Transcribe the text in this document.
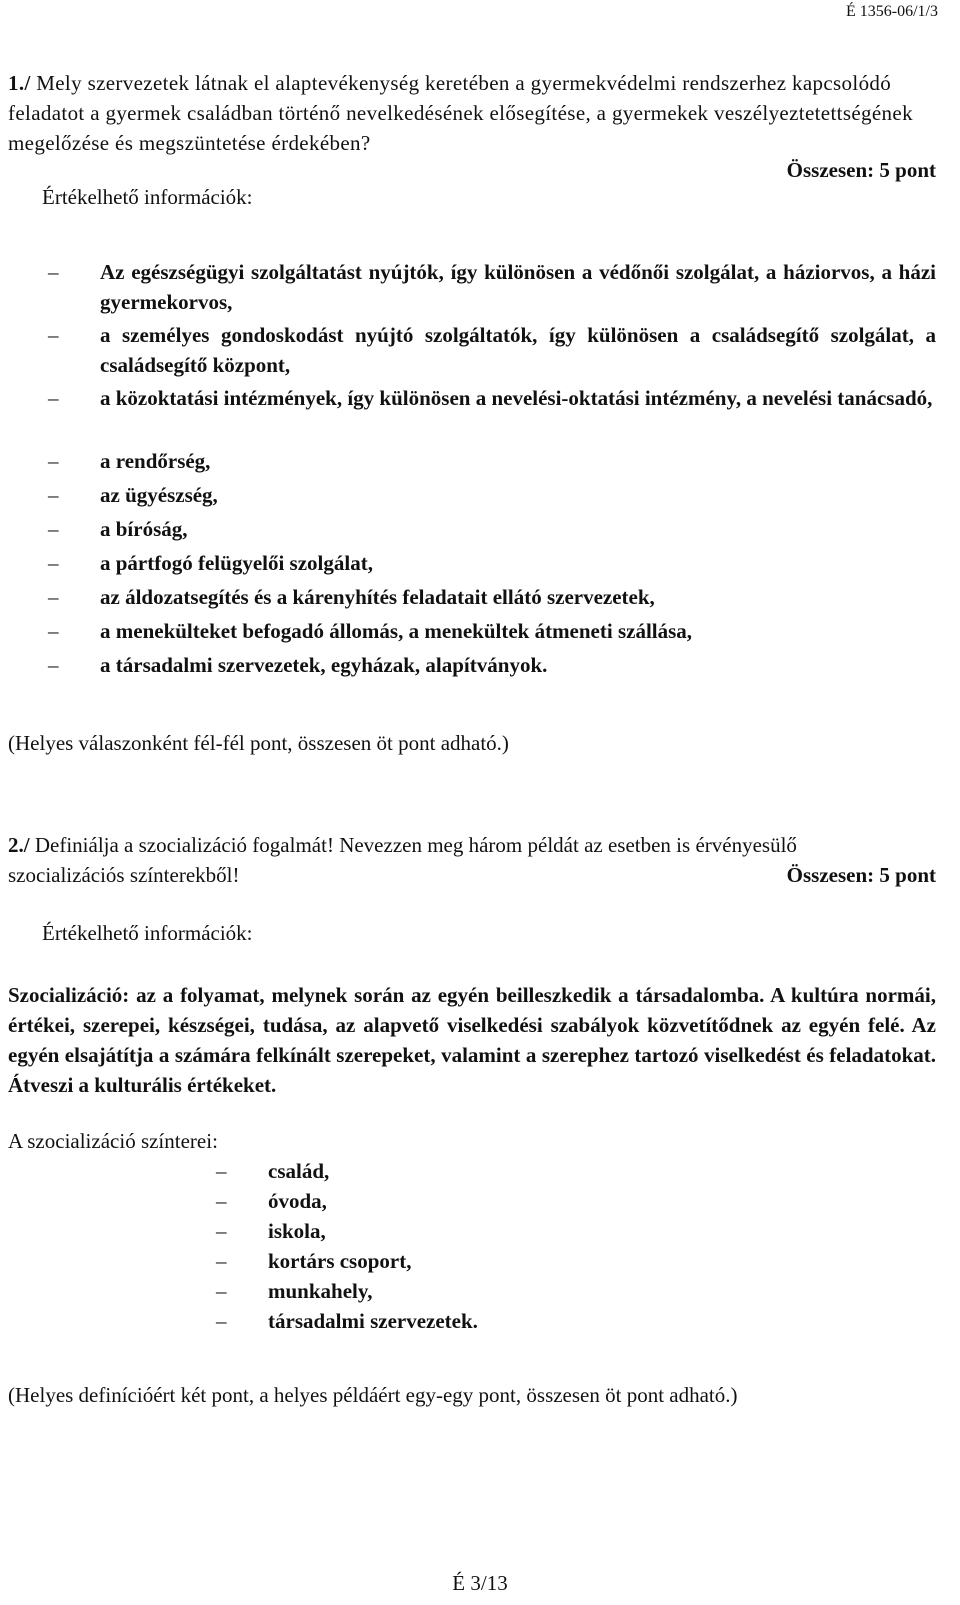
É 1356-06/1/3
1./ Mely szervezetek látnak el alaptevékenység keretében a gyermekvédelmi rendszerhez kapcsolódó feladatot a gyermek családban történő nevelkedésének elősegítése, a gyermekek veszélyeztetettségének megelőzése és megszüntetése érdekében?
Összesen: 5 pont
Értékelhető információk:
– Az egészségügyi szolgáltatást nyújtók, így különösen a védőnői szolgálat, a háziorvos, a házi gyermekorvos,
– a személyes gondoskodást nyújtó szolgáltatók, így különösen a családsegítő szolgálat, a családsegítő központ,
– a közoktatási intézmények, így különösen a nevelési-oktatási intézmény, a nevelési tanácsadó,
– a rendőrség,
– az ügyészség,
– a bíróság,
– a pártfogó felügyelői szolgálat,
– az áldozatsegítés és a kárenyhítés feladatait ellátó szervezetek,
– a menekülteket befogadó állomás, a menekültek átmeneti szállása,
– a társadalmi szervezetek, egyházak, alapítványok.
(Helyes válaszonként fél-fél pont, összesen öt pont adható.)
2./ Definiálja a szocializáció fogalmát! Nevezzen meg három példát az esetben is érvényesülő
szocializációs színterekből!	Összesen: 5 pont
Értékelhető információk:
Szocializáció: az a folyamat, melynek során az egyén beilleszkedik a társadalomba. A kultúra normái, értékei, szerepei, készségei, tudása, az alapvető viselkedési szabályok közvetítődnek az egyén felé. Az egyén elsajátítja a számára felkínált szerepeket, valamint a szerephez tartozó viselkedést és feladatokat. Átveszi a kulturális értékeket.
A szocializáció színterei:
– család,
– óvoda,
– iskola,
– kortárs csoport,
– munkahely,
– társadalmi szervezetek.
(Helyes definícióért két pont, a helyes példáért egy-egy pont, összesen öt pont adható.)
É 3/13
